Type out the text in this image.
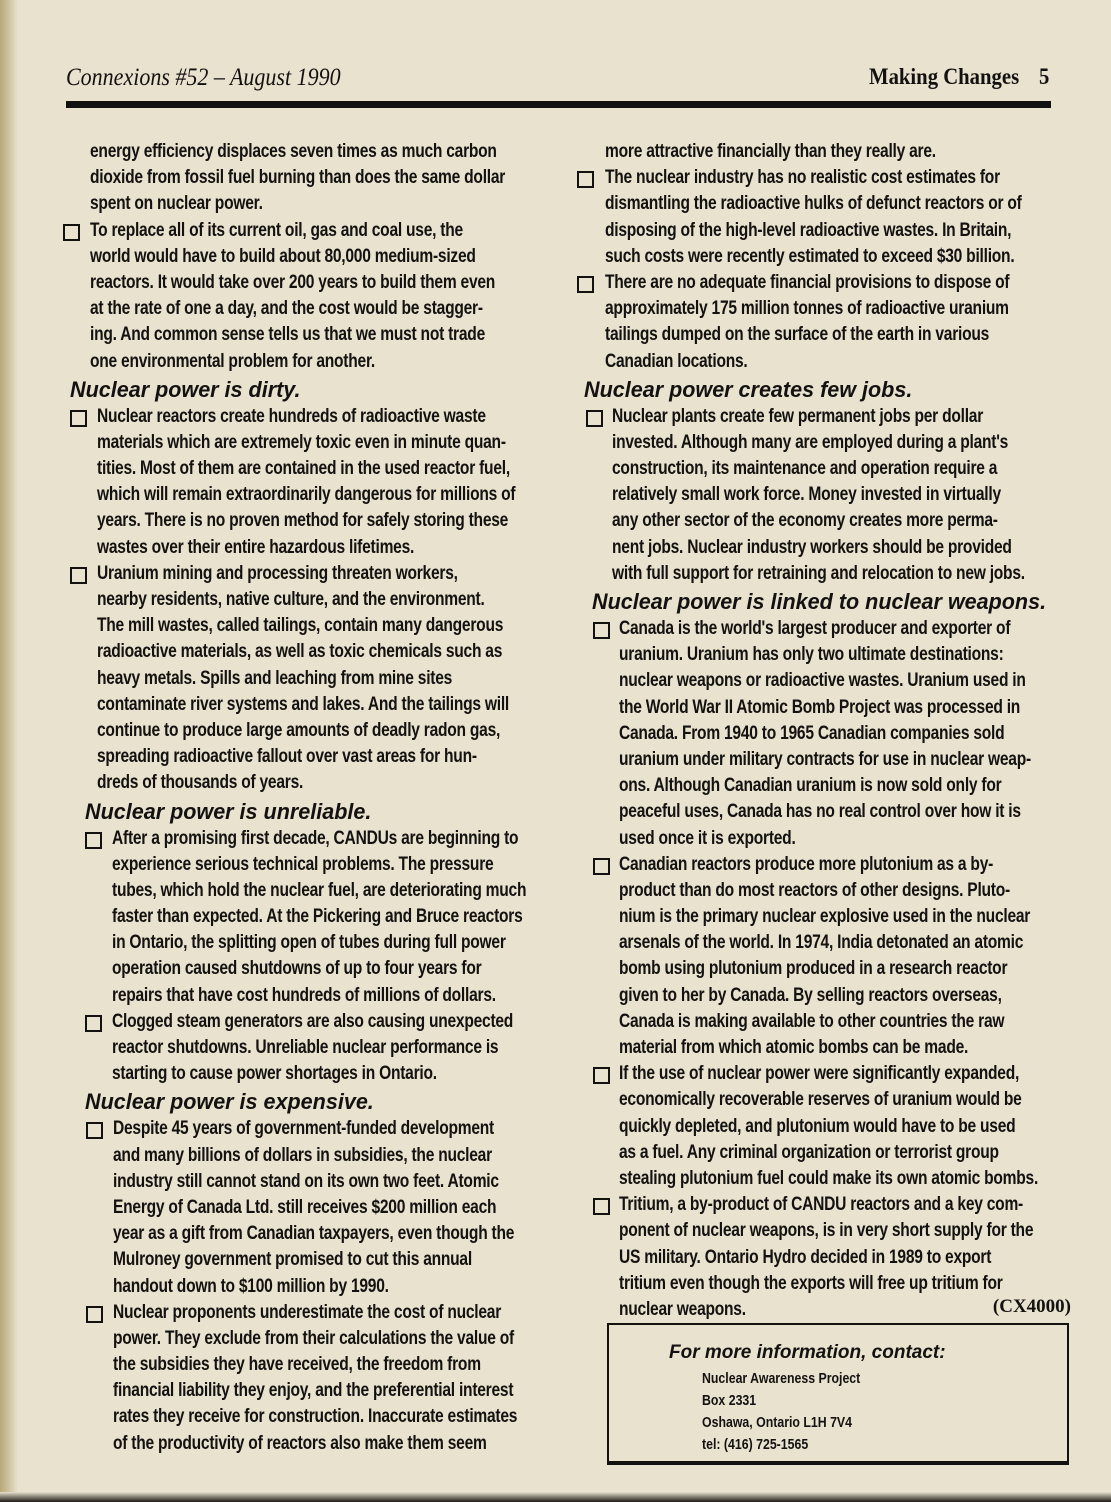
Connexions #52 – August 1990	Making Changes 5
energy efficiency displaces seven times as much carbon
dioxide from fossil fuel burning than does the same dollar
spent on nuclear power.
To replace all of its current oil, gas and coal use, the
world would have to build about 80,000 medium-sized
reactors. It would take over 200 years to build them even
at the rate of one a day, and the cost would be stagger-
ing. And common sense tells us that we must not trade
one environmental problem for another.
Nuclear power is dirty.
Nuclear reactors create hundreds of radioactive waste
materials which are extremely toxic even in minute quan-
tities. Most of them are contained in the used reactor fuel,
which will remain extraordinarily dangerous for millions of
years. There is no proven method for safely storing these
wastes over their entire hazardous lifetimes.
Uranium mining and processing threaten workers,
nearby residents, native culture, and the environment.
The mill wastes, called tailings, contain many dangerous
radioactive materials, as well as toxic chemicals such as
heavy metals. Spills and leaching from mine sites
contaminate river systems and lakes. And the tailings will
continue to produce large amounts of deadly radon gas,
spreading radioactive fallout over vast areas for hun-
dreds of thousands of years.
Nuclear power is unreliable.
After a promising first decade, CANDUs are beginning to
experience serious technical problems. The pressure
tubes, which hold the nuclear fuel, are deteriorating much
faster than expected. At the Pickering and Bruce reactors
in Ontario, the splitting open of tubes during full power
operation caused shutdowns of up to four years for
repairs that have cost hundreds of millions of dollars.
Clogged steam generators are also causing unexpected
reactor shutdowns. Unreliable nuclear performance is
starting to cause power shortages in Ontario.
Nuclear power is expensive.
Despite 45 years of government-funded development
and many billions of dollars in subsidies, the nuclear
industry still cannot stand on its own two feet. Atomic
Energy of Canada Ltd. still receives $200 million each
year as a gift from Canadian taxpayers, even though the
Mulroney government promised to cut this annual
handout down to $100 million by 1990.
Nuclear proponents underestimate the cost of nuclear
power. They exclude from their calculations the value of
the subsidies they have received, the freedom from
financial liability they enjoy, and the preferential interest
rates they receive for construction. Inaccurate estimates
of the productivity of reactors also make them seem
more attractive financially than they really are.
The nuclear industry has no realistic cost estimates for
dismantling the radioactive hulks of defunct reactors or of
disposing of the high-level radioactive wastes. In Britain,
such costs were recently estimated to exceed $30 billion.
There are no adequate financial provisions to dispose of
approximately 175 million tonnes of radioactive uranium
tailings dumped on the surface of the earth in various
Canadian locations.
Nuclear power creates few jobs.
Nuclear plants create few permanent jobs per dollar
invested. Although many are employed during a plant's
construction, its maintenance and operation require a
relatively small work force. Money invested in virtually
any other sector of the economy creates more perma-
nent jobs. Nuclear industry workers should be provided
with full support for retraining and relocation to new jobs.
Nuclear power is linked to nuclear weapons.
Canada is the world's largest producer and exporter of
uranium. Uranium has only two ultimate destinations:
nuclear weapons or radioactive wastes. Uranium used in
the World War II Atomic Bomb Project was processed in
Canada. From 1940 to 1965 Canadian companies sold
uranium under military contracts for use in nuclear weap-
ons. Although Canadian uranium is now sold only for
peaceful uses, Canada has no real control over how it is
used once it is exported.
Canadian reactors produce more plutonium as a by-
product than do most reactors of other designs. Pluto-
nium is the primary nuclear explosive used in the nuclear
arsenals of the world. In 1974, India detonated an atomic
bomb using plutonium produced in a research reactor
given to her by Canada. By selling reactors overseas,
Canada is making available to other countries the raw
material from which atomic bombs can be made.
If the use of nuclear power were significantly expanded,
economically recoverable reserves of uranium would be
quickly depleted, and plutonium would have to be used
as a fuel. Any criminal organization or terrorist group
stealing plutonium fuel could make its own atomic bombs.
Tritium, a by-product of CANDU reactors and a key com-
ponent of nuclear weapons, is in very short supply for the
US military. Ontario Hydro decided in 1989 to export
tritium even though the exports will free up tritium for
nuclear weapons.	(CX4000)
For more information, contact:
Nuclear Awareness Project
Box 2331
Oshawa, Ontario L1H 7V4
tel: (416) 725-1565
